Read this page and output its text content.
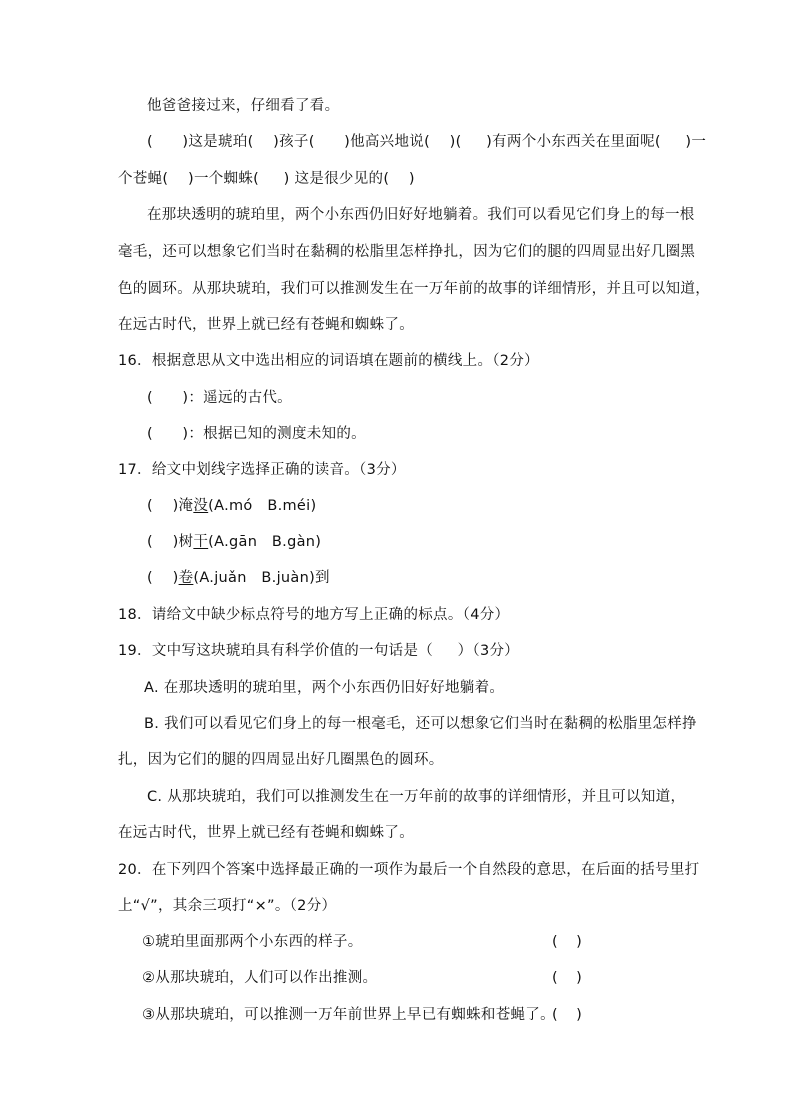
他爸爸接过来，仔细看了看。
(      )这是琥珀(    )孩子(      )他高兴地说(    )(     )有两个小东西关在里面呢(     )一
个苍蝇(    )一个蜘蛛(     ) 这是很少见的(    )
在那块透明的琥珀里，两个小东西仍旧好好地躺着。我们可以看见它们身上的每一根
毫毛，还可以想象它们当时在黏稠的松脂里怎样挣扎，因为它们的腿的四周显出好几圈黑
色的圆环。从那块琥珀，我们可以推测发生在一万年前的故事的详细情形，并且可以知道，
在远古时代，世界上就已经有苍蝇和蜘蛛了。
16．根据意思从文中选出相应的词语填在题前的横线上。（2分）
(      )：遥远的古代。
(      )：根据已知的测度未知的。
17．给文中划线字选择正确的读音。（3分）
(    )淹没(A.mó   B.méi)
(    )树干(A.gān   B.gàn)
(    )卷(A.juǎn   B.juàn)到
18．请给文中缺少标点符号的地方写上正确的标点。（4分）
19．文中写这块琥珀具有科学价值的一句话是（     ）（3分）
A. 在那块透明的琥珀里，两个小东西仍旧好好地躺着。
B. 我们可以看见它们身上的每一根毫毛，还可以想象它们当时在黏稠的松脂里怎样挣
扎，因为它们的腿的四周显出好几圈黑色的圆环。
C. 从那块琥珀，我们可以推测发生在一万年前的故事的详细情形，并且可以知道，
在远古时代，世界上就已经有苍蝇和蜘蛛了。
20．在下列四个答案中选择最正确的一项作为最后一个自然段的意思，在后面的括号里打
上“√”，其余三项打“×”。（2分）
①琥珀里面那两个小东西的样子。	(    )
②从那块琥珀，人们可以作出推测。	(    )
③从那块琥珀，可以推测一万年前世界上早已有蜘蛛和苍蝇了。
(    )
